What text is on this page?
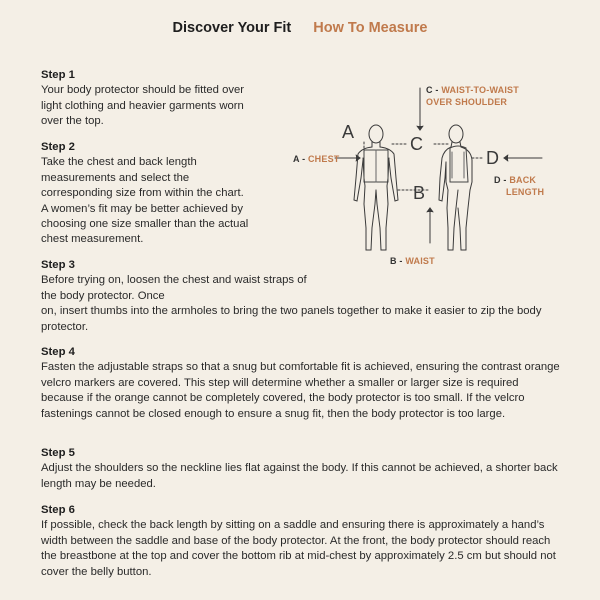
Discover Your Fit How To Measure
Step 1

Your body protector should be fitted over light clothing and heavier garments worn over the top.

Step 2

Take the chest and back length measurements and select the corresponding size from within the chart. A women’s fit may be better achieved by choosing one size smaller than the actual chest measurement.

Step 3

Before trying on, loosen the chest and waist straps of the body protector. Once

on, insert thumbs into the armholes to bring the two panels together to make it easier to zip the body protector.

Step 4

Fasten the adjustable straps so that a snug but comfortable fit is achieved, ensuring the contrast orange velcro markers are covered. This step will determine whether a smaller or larger size is required because if the orange cannot be completely covered, the body protector is too small. If the velcro fastenings cannot be closed enough to ensure a snug fit, then the body protector is too large.

Step 5

Adjust the shoulders so the neckline lies flat against the body. If this cannot be achieved, a shorter back length may be needed.

Step 6

If possible, check the back length by sitting on a saddle and ensuring there is approximately a hand’s width between the saddle and base of the body protector. At the front, the body protector should reach the breastbone at the top and cover the bottom rib at mid-chest by approximately 2.5 cm but should not cover the belly button.

A
B
C
D
A - CHEST
B - WAIST
C - WAIST-TO-WAIST
OVER SHOULDER
D - BACK
LENGTH
